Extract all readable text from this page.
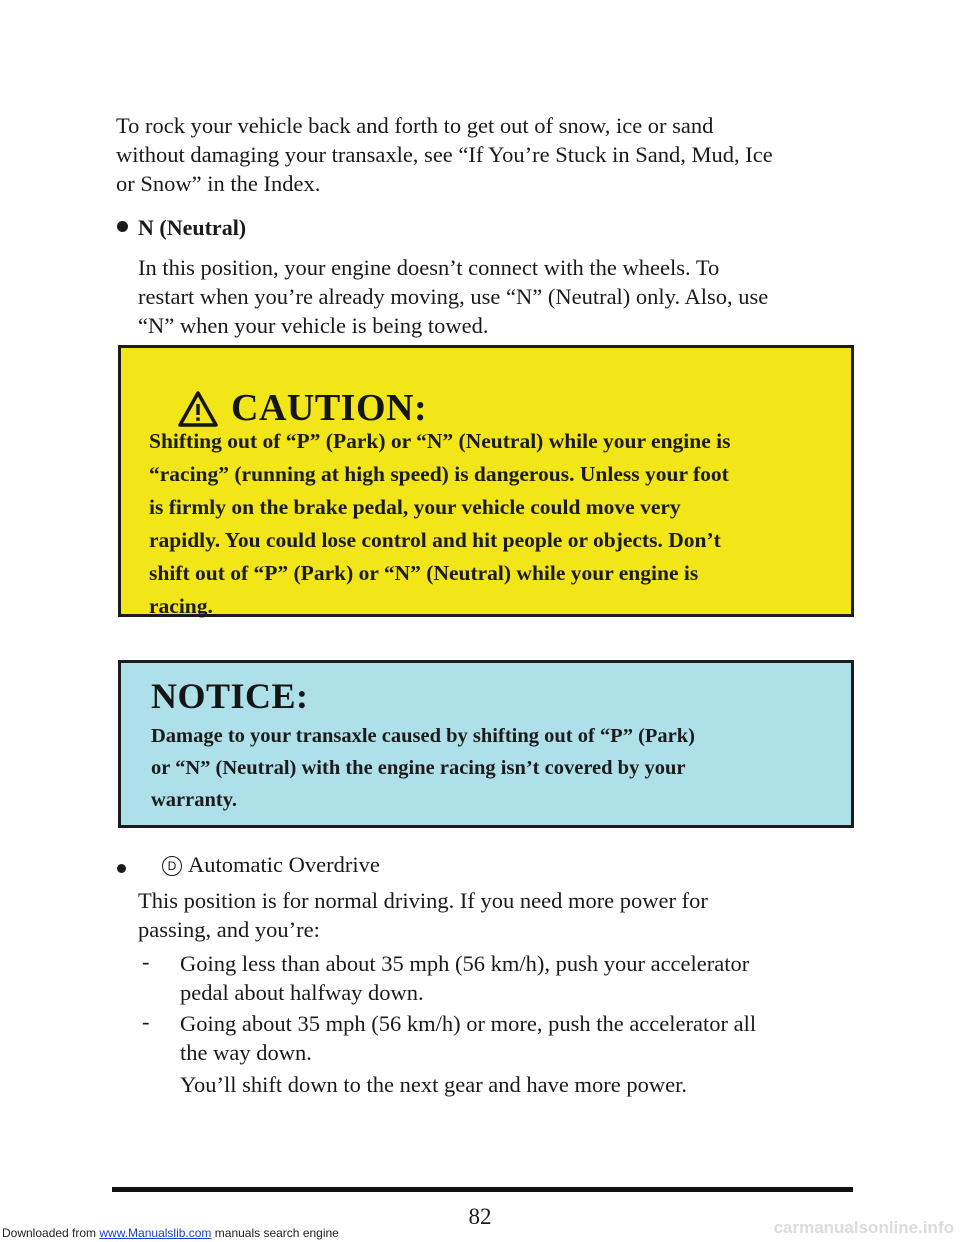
To rock your vehicle back and forth to get out of snow, ice or sand
without damaging your transaxle, see “If You’re Stuck in Sand, Mud, Ice
or Snow” in the Index.
N (Neutral)
In this position, your engine doesn’t connect with the wheels. To
restart when you’re already moving, use “N” (Neutral) only. Also, use
“N” when your vehicle is being towed.
CAUTION:
Shifting out of “P” (Park) or “N” (Neutral) while your engine is
“racing” (running at high speed) is dangerous. Unless your foot
is firmly on the brake pedal, your vehicle could move very
rapidly. You could lose control and hit people or objects. Don’t
shift out of “P” (Park) or “N” (Neutral) while your engine is
racing.
NOTICE:
Damage to your transaxle caused by shifting out of “P” (Park)
or “N” (Neutral) with the engine racing isn’t covered by your
warranty.
D Automatic Overdrive
This position is for normal driving. If you need more power for
passing, and you’re:
- Going less than about 35 mph (56 km/h), push your accelerator
pedal about halfway down.
- Going about 35 mph (56 km/h) or more, push the accelerator all
the way down.
You’ll shift down to the next gear and have more power.
82
Downloaded from www.Manualslib.com manuals search engine	carmanualsonline.info
